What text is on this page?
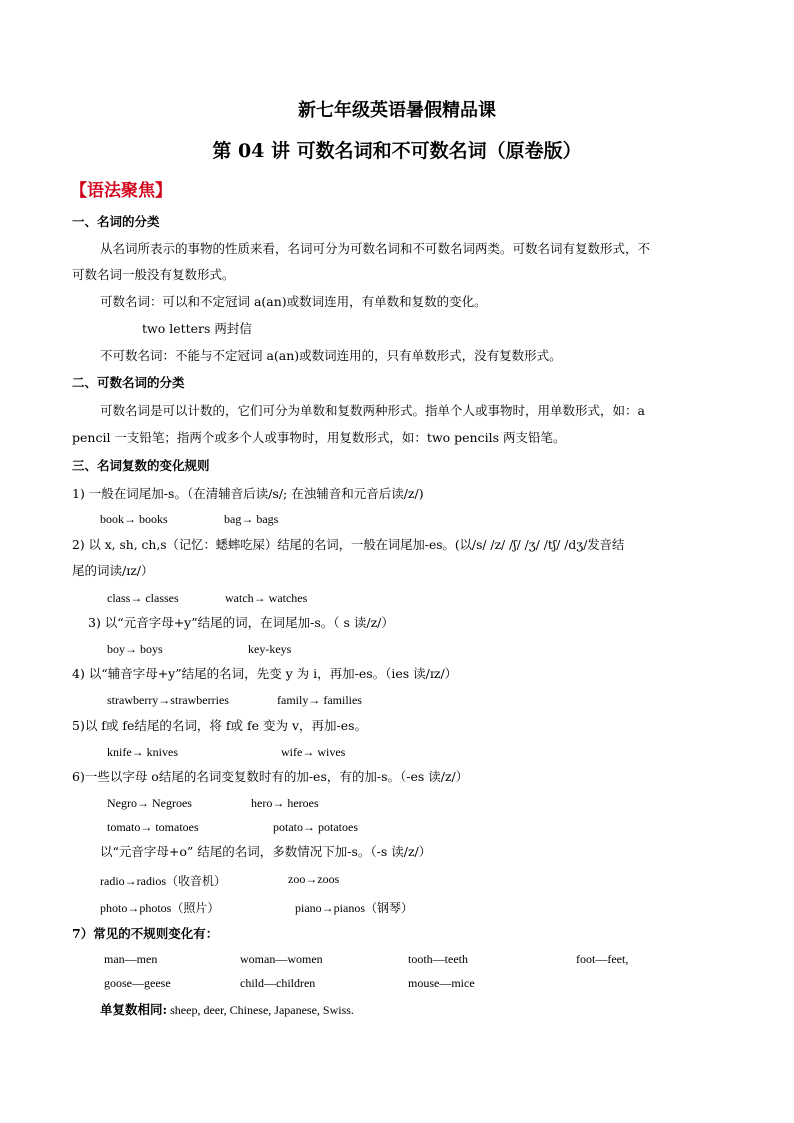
新七年级英语暑假精品课
第 04 讲 可数名词和不可数名词（原卷版）
【语法聚焦】
一、名词的分类
从名词所表示的事物的性质来看，名词可分为可数名词和不可数名词两类。可数名词有复数形式，不
可数名词一般没有复数形式。
可数名词：可以和不定冠词 a(an)或数词连用，有单数和复数的变化。
two letters 两封信
不可数名词：不能与不定冠词 a(an)或数词连用的，只有单数形式，没有复数形式。
二、可数名词的分类
可数名词是可以计数的，它们可分为单数和复数两种形式。指单个人或事物时，用单数形式，如：a
pencil 一支铅笔；指两个或多个人或事物时，用复数形式，如：two pencils 两支铅笔。
三、名词复数的变化规则
1) 一般在词尾加-s。（在清辅音后读/s/; 在浊辅音和元音后读/z/)
book→ books	bag→ bags
2) 以 x, sh, ch,s（记忆：蟋蟀吃屎）结尾的名词，一般在词尾加-es。(以/s/ /z/ /ʃ/ /ʒ/ /tʃ/ /dʒ/发音结
尾的词读/ɪz/）
class→ classes	watch→ watches
3) 以“元音字母+y”结尾的词，在词尾加-s。（ s 读/z/）
boy→ boys	key-keys
4) 以“辅音字母+y”结尾的名词，先变 y 为 i，再加-es。（ies 读/ɪz/）
strawberry→strawberries	family→ families
5)以 f或 fe结尾的名词，将 f或 fe 变为 v，再加-es。
knife→ knives	wife→ wives
6)一些以字母 o结尾的名词变复数时有的加-es，有的加-s。（-es 读/z/）
Negro→ Negroes	hero→ heroes
tomato→ tomatoes	potato→ potatoes
以“元音字母+o” 结尾的名词，多数情况下加-s。（-s 读/z/）
radio→radios（收音机）	zoo→zoos
photo→photos（照片）	piano→pianos（钢琴）
7）常见的不规则变化有：
man—men	woman—women	tooth—teeth	foot—feet,
goose—geese	child—children	mouse—mice
单复数相同: sheep, deer, Chinese, Japanese, Swiss.
